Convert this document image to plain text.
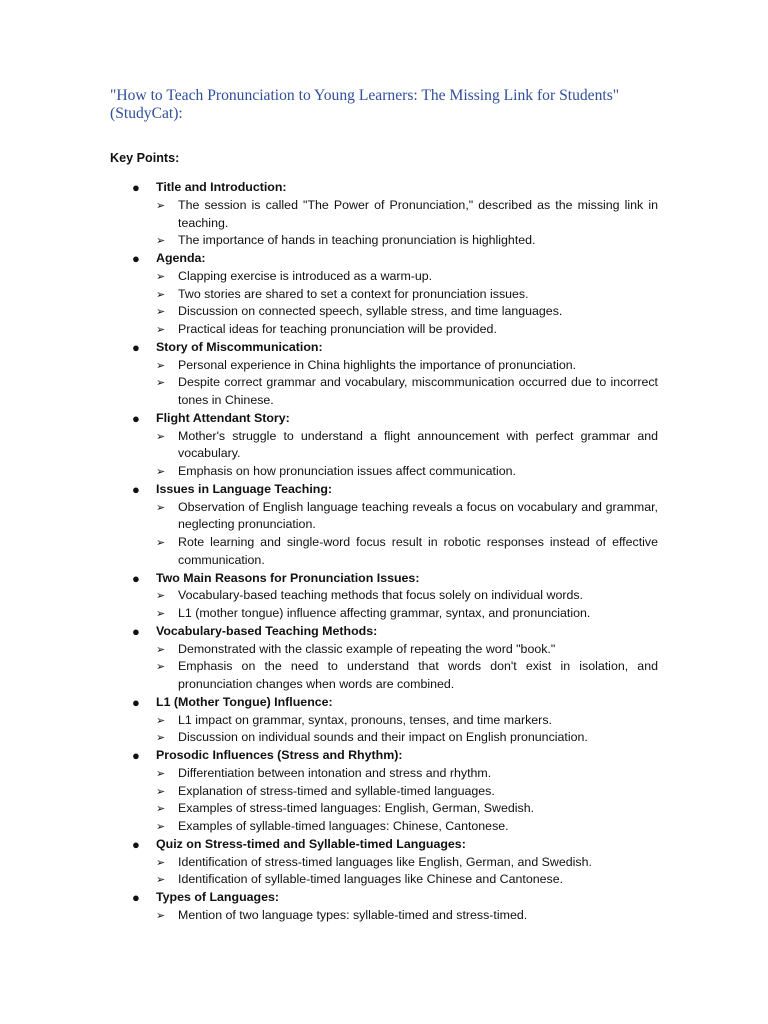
"How to Teach Pronunciation to Young Learners: The Missing Link for Students" (StudyCat):
Key Points:
● Title and Introduction:
➢ The session is called "The Power of Pronunciation," described as the missing link in teaching.
➢ The importance of hands in teaching pronunciation is highlighted.
● Agenda:
➢ Clapping exercise is introduced as a warm-up.
➢ Two stories are shared to set a context for pronunciation issues.
➢ Discussion on connected speech, syllable stress, and time languages.
➢ Practical ideas for teaching pronunciation will be provided.
● Story of Miscommunication:
➢ Personal experience in China highlights the importance of pronunciation.
➢ Despite correct grammar and vocabulary, miscommunication occurred due to incorrect tones in Chinese.
● Flight Attendant Story:
➢ Mother's struggle to understand a flight announcement with perfect grammar and vocabulary.
➢ Emphasis on how pronunciation issues affect communication.
● Issues in Language Teaching:
➢ Observation of English language teaching reveals a focus on vocabulary and grammar, neglecting pronunciation.
➢ Rote learning and single-word focus result in robotic responses instead of effective communication.
● Two Main Reasons for Pronunciation Issues:
➢ Vocabulary-based teaching methods that focus solely on individual words.
➢ L1 (mother tongue) influence affecting grammar, syntax, and pronunciation.
● Vocabulary-based Teaching Methods:
➢ Demonstrated with the classic example of repeating the word "book."
➢ Emphasis on the need to understand that words don't exist in isolation, and pronunciation changes when words are combined.
● L1 (Mother Tongue) Influence:
➢ L1 impact on grammar, syntax, pronouns, tenses, and time markers.
➢ Discussion on individual sounds and their impact on English pronunciation.
● Prosodic Influences (Stress and Rhythm):
➢ Differentiation between intonation and stress and rhythm.
➢ Explanation of stress-timed and syllable-timed languages.
➢ Examples of stress-timed languages: English, German, Swedish.
➢ Examples of syllable-timed languages: Chinese, Cantonese.
● Quiz on Stress-timed and Syllable-timed Languages:
➢ Identification of stress-timed languages like English, German, and Swedish.
➢ Identification of syllable-timed languages like Chinese and Cantonese.
● Types of Languages:
➢ Mention of two language types: syllable-timed and stress-timed.
